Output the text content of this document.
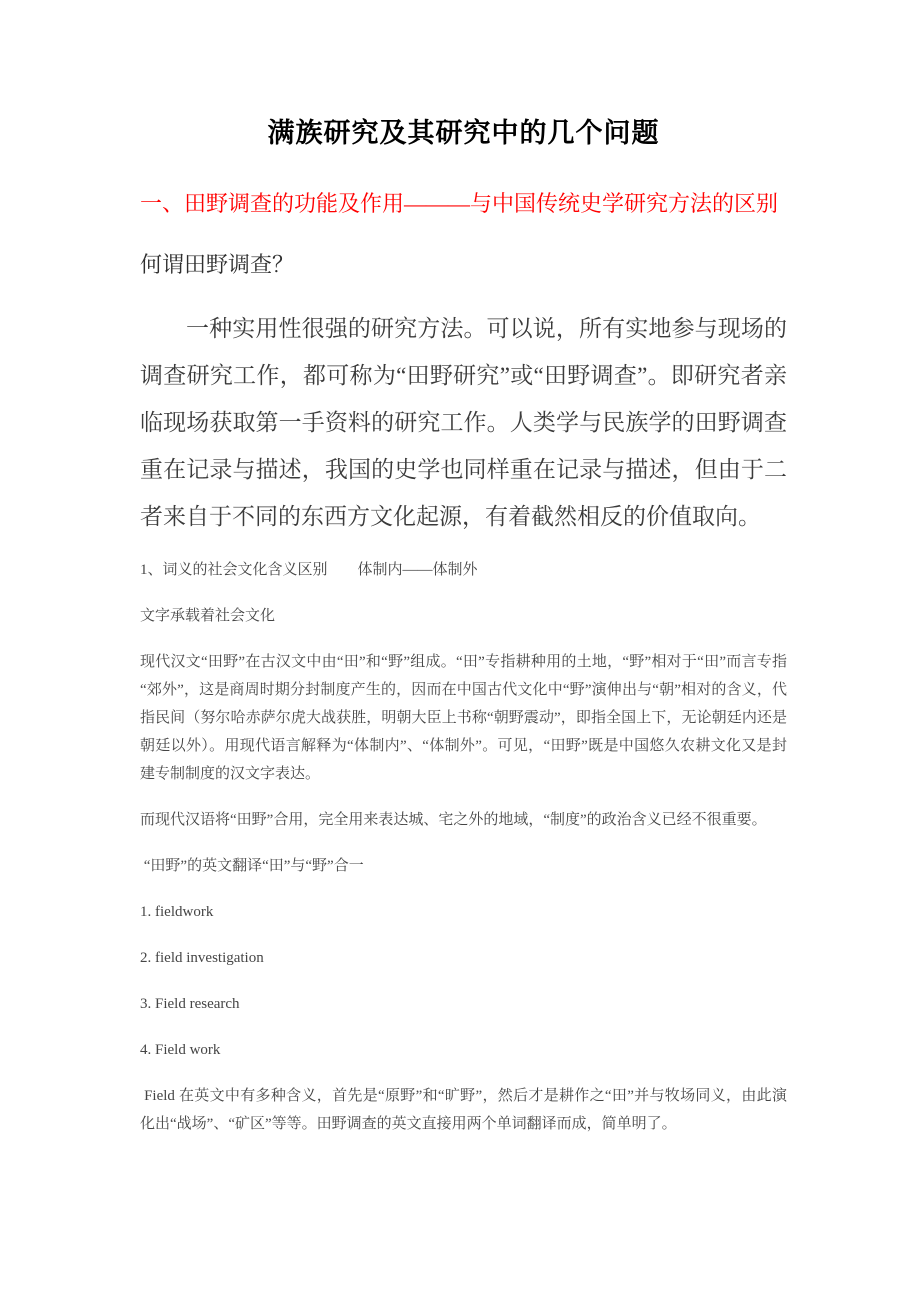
满族研究及其研究中的几个问题
一、田野调查的功能及作用———与中国传统史学研究方法的区别
何谓田野调查？

一种实用性很强的研究方法。可以说，所有实地参与现场的调查研究工作，都可称为“田野研究”或“田野调查”。即研究者亲临现场获取第一手资料的研究工作。人类学与民族学的田野调查重在记录与描述，我国的史学也同样重在记录与描述，但由于二者来自于不同的东西方文化起源，有着截然相反的价值取向。

1、词义的社会文化含义区别　　体制内——体制外

文字承载着社会文化

现代汉文“田野”在古汉文中由“田”和“野”组成。“田”专指耕种用的土地，“野”相对于“田”而言专指“郊外”，这是商周时期分封制度产生的，因而在中国古代文化中“野”演伸出与“朝”相对的含义，代指民间（努尔哈赤萨尔虎大战获胜，明朝大臣上书称“朝野震动”，即指全国上下，无论朝廷内还是朝廷以外）。用现代语言解释为“体制内”、“体制外”。可见，“田野”既是中国悠久农耕文化又是封建专制制度的汉文字表达。

而现代汉语将“田野”合用，完全用来表达城、宅之外的地域，“制度”的政治含义已经不很重要。

“田野”的英文翻译“田”与“野”合一

1. fieldwork

2. field investigation

3. Field research

4. Field work

Field 在英文中有多种含义，首先是“原野”和“旷野”，然后才是耕作之“田”并与牧场同义，由此演化出“战场”、“矿区”等等。田野调查的英文直接用两个单词翻译而成，简单明了。
